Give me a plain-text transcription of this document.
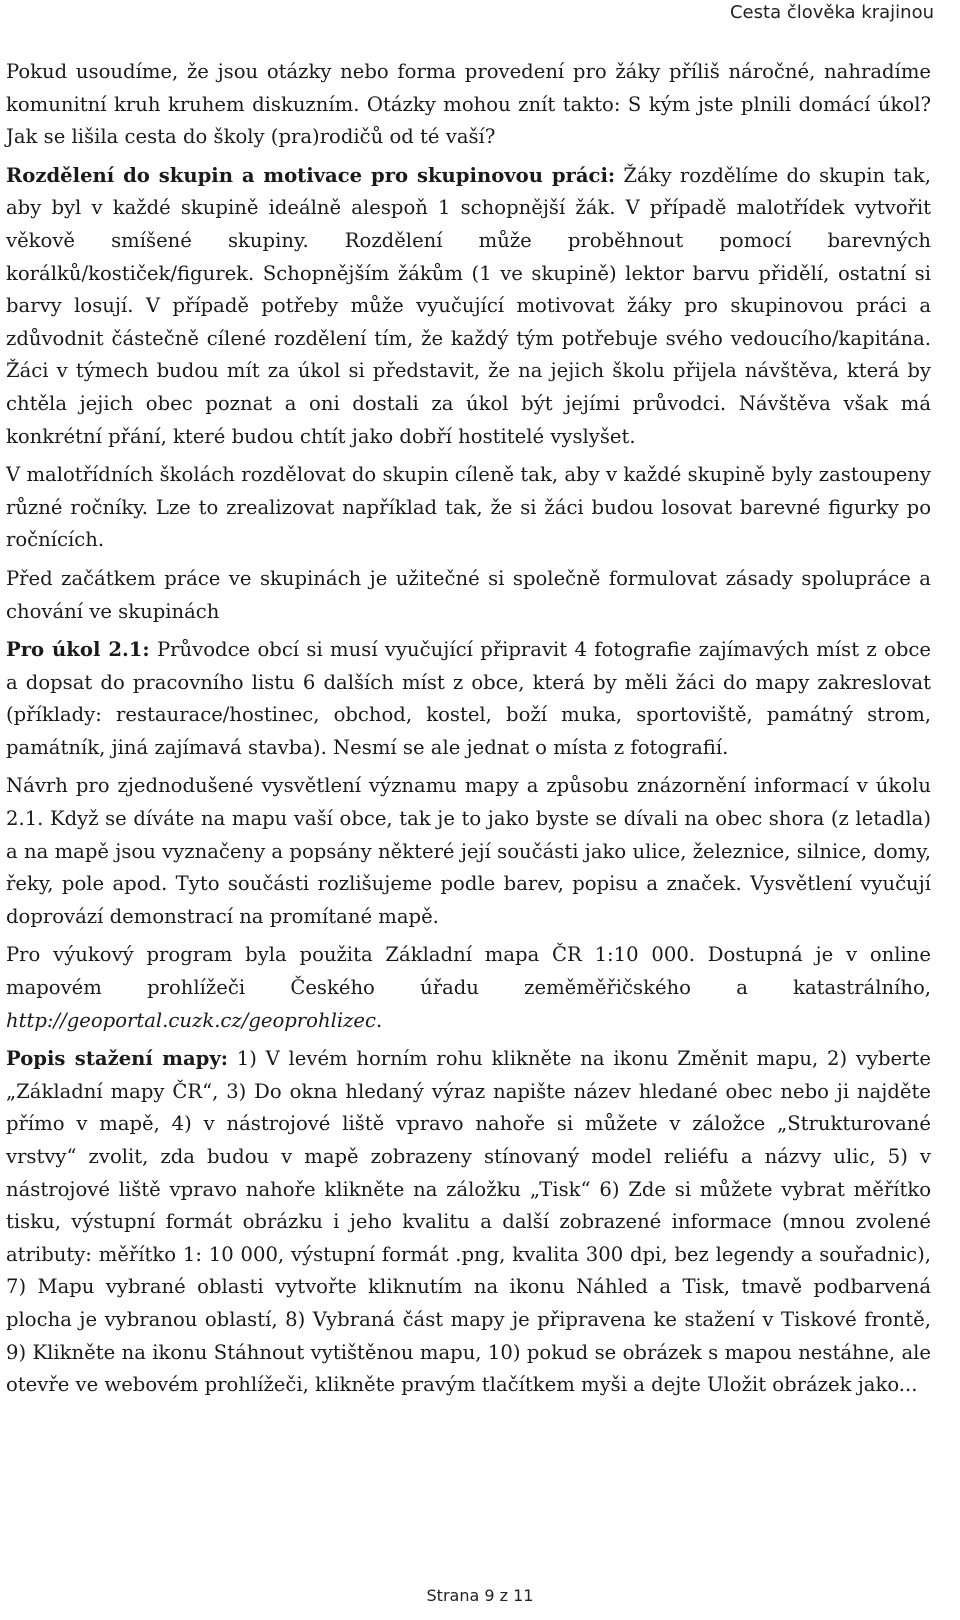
Cesta člověka krajinou

Pokud usoudíme, že jsou otázky nebo forma provedení pro žáky příliš náročné, nahradíme komunitní kruh kruhem diskuzním. Otázky mohou znít takto: S kým jste plnili domácí úkol? Jak se lišila cesta do školy (pra)rodičů od té vaší?

Rozdělení do skupin a motivace pro skupinovou práci: Žáky rozdělíme do skupin tak, aby byl v každé skupině ideálně alespoň 1 schopnější žák. V případě malotřídek vytvořit věkově smíšené skupiny. Rozdělení může proběhnout pomocí barevných korálků/kostiček/figurek. Schopnějším žákům (1 ve skupině) lektor barvu přidělí, ostatní si barvy losují. V případě potřeby může vyučující motivovat žáky pro skupinovou práci a zdůvodnit částečně cílené rozdělení tím, že každý tým potřebuje svého vedoucího/kapitána. Žáci v týmech budou mít za úkol si představit, že na jejich školu přijela návštěva, která by chtěla jejich obec poznat a oni dostali za úkol být jejími průvodci. Návštěva však má konkrétní přání, které budou chtít jako dobří hostitelé vyslyšet.

V malotřídních školách rozdělovat do skupin cíleně tak, aby v každé skupině byly zastoupeny různé ročníky. Lze to zrealizovat například tak, že si žáci budou losovat barevné figurky po ročnících.

Před začátkem práce ve skupinách je užitečné si společně formulovat zásady spolupráce a chování ve skupinách

Pro úkol 2.1: Průvodce obcí si musí vyučující připravit 4 fotografie zajímavých míst z obce a dopsat do pracovního listu 6 dalších míst z obce, která by měli žáci do mapy zakreslovat (příklady: restaurace/hostinec, obchod, kostel, boží muka, sportoviště, památný strom, památník, jiná zajímavá stavba). Nesmí se ale jednat o místa z fotografií.

Návrh pro zjednodušené vysvětlení významu mapy a způsobu znázornění informací v úkolu 2.1. Když se díváte na mapu vaší obce, tak je to jako byste se dívali na obec shora (z letadla) a na mapě jsou vyznačeny a popsány některé její součásti jako ulice, železnice, silnice, domy, řeky, pole apod. Tyto součásti rozlišujeme podle barev, popisu a značek. Vysvětlení vyučují doprovází demonstrací na promítané mapě.

Pro výukový program byla použita Základní mapa ČR 1:10 000. Dostupná je v online mapovém prohlížeči Českého úřadu zeměměřičského a katastrálního, http://geoportal.cuzk.cz/geoprohlizec.

Popis stažení mapy: 1) V levém horním rohu klikněte na ikonu Změnit mapu, 2) vyberte „Základní mapy ČR“, 3) Do okna hledaný výraz napište název hledané obec nebo ji najděte přímo v mapě, 4) v nástrojové liště vpravo nahoře si můžete v záložce „Strukturované vrstvy“ zvolit, zda budou v mapě zobrazeny stínovaný model reliéfu a názvy ulic, 5) v nástrojové liště vpravo nahoře klikněte na záložku „Tisk“ 6) Zde si můžete vybrat měřítko tisku, výstupní formát obrázku i jeho kvalitu a další zobrazené informace (mnou zvolené atributy: měřítko 1: 10 000, výstupní formát .png, kvalita 300 dpi, bez legendy a souřadnic), 7) Mapu vybrané oblasti vytvořte kliknutím na ikonu Náhled a Tisk, tmavě podbarvená plocha je vybranou oblastí, 8) Vybraná část mapy je připravena ke stažení v Tiskové frontě, 9) Klikněte na ikonu Stáhnout vytištěnou mapu, 10) pokud se obrázek s mapou nestáhne, ale otevře ve webovém prohlížeči, klikněte pravým tlačítkem myši a dejte Uložit obrázek jako...

Strana 9 z 11
